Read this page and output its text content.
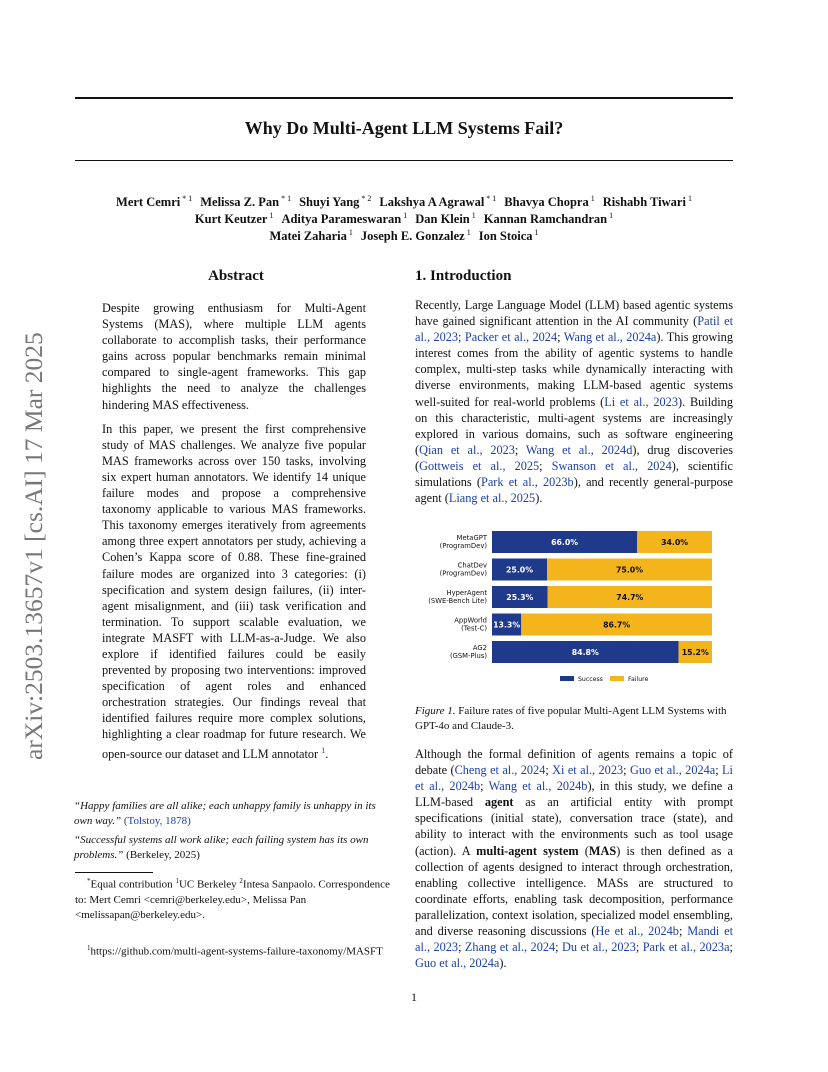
Why Do Multi-Agent LLM Systems Fail?
Mert Cemri $^{* 1}$ Melissa Z. Pan $^{* 1}$ Shuyi Yang $^{* 2}$ Lakshya A Agrawal $^{* 1}$ Bhavya Chopra $^1$ Rishabh Tiwari $^1$
Kurt Keutzer $^1$ Aditya Parameswaran $^1$ Dan Klein $^1$ Kannan Ramchandran $^1$
Matei Zaharia $^1$ Joseph E. Gonzalez $^1$ Ion Stoica $^1$
arXiv:2503.13657v1 [cs.AI] 17 Mar 2025
Abstract

Despite growing enthusiasm for Multi-Agent Systems (MAS), where multiple LLM agents collaborate to accomplish tasks, their performance gains across popular benchmarks remain minimal compared to single-agent frameworks. This gap highlights the need to analyze the challenges hindering MAS effectiveness.

In this paper, we present the first comprehensive study of MAS challenges. We analyze five popular MAS frameworks across over 150 tasks, involving six expert human annotators. We identify 14 unique failure modes and propose a comprehensive taxonomy applicable to various MAS frameworks. This taxonomy emerges iteratively from agreements among three expert annotators per study, achieving a Cohen’s Kappa score of 0.88. These fine-grained failure modes are organized into 3 categories: (i) specification and system design failures, (ii) inter-agent misalignment, and (iii) task verification and termination. To support scalable evaluation, we integrate MASFT with LLM-as-a-Judge. We also explore if identified failures could be easily prevented by proposing two interventions: improved specification of agent roles and enhanced orchestration strategies. Our findings reveal that identified failures require more complex solutions, highlighting a clear roadmap for future research. We open-source our dataset and LLM annotator $^1$.

“Happy families are all alike; each unhappy family is unhappy in its own way.” (Tolstoy, 1878)
“Successful systems all work alike; each failing system has its own problems.” (Berkeley, 2025)
*Equal contribution $^1$UC Berkeley $^2$Intesa Sanpaolo. Correspondence to: Mert Cemri <cemri@berkeley.edu>, Melissa Pan <melissapan@berkeley.edu>.
$^1$https://github.com/multi-agent-systems-failure-taxonomy/MASFT
1. Introduction
Recently, Large Language Model (LLM) based agentic systems have gained significant attention in the AI community (Patil et al., 2023; Packer et al., 2024; Wang et al., 2024a). This growing interest comes from the ability of agentic systems to handle complex, multi-step tasks while dynamically interacting with diverse environments, making LLM-based agentic systems well-suited for real-world problems (Li et al., 2023). Building on this characteristic, multi-agent systems are increasingly explored in various domains, such as software engineering (Qian et al., 2023; Wang et al., 2024d), drug discoveries (Gottweis et al., 2025; Swanson et al., 2024), scientific simulations (Park et al., 2023b), and recently general-purpose agent (Liang et al., 2025).
MetaGPT
(ProgramDev)	66.0%	34.0%
ChatDev
(ProgramDev) 25.0%	75.0%
HyperAgent
(SWE-Bench Lite) 25.3%	74.7%
AppWorld
(Test-C) 13.3%	86.7%
AG2
(GSM-Plus)	84.8%	15.2%
Success	Failure
Figure 1. Failure rates of five popular Multi-Agent LLM Systems with GPT-4o and Claude-3.
Although the formal definition of agents remains a topic of debate (Cheng et al., 2024; Xi et al., 2023; Guo et al., 2024a; Li et al., 2024b; Wang et al., 2024b), in this study, we define a LLM-based agent as an artificial entity with prompt specifications (initial state), conversation trace (state), and ability to interact with the environments such as tool usage (action). A multi-agent system (MAS) is then defined as a collection of agents designed to interact through orchestration, enabling collective intelligence. MASs are structured to coordinate efforts, enabling task decomposition, performance parallelization, context isolation, specialized model ensembling, and diverse reasoning discussions (He et al., 2024b; Mandi et al., 2023; Zhang et al., 2024; Du et al., 2023; Park et al., 2023a; Guo et al., 2024a).
1
